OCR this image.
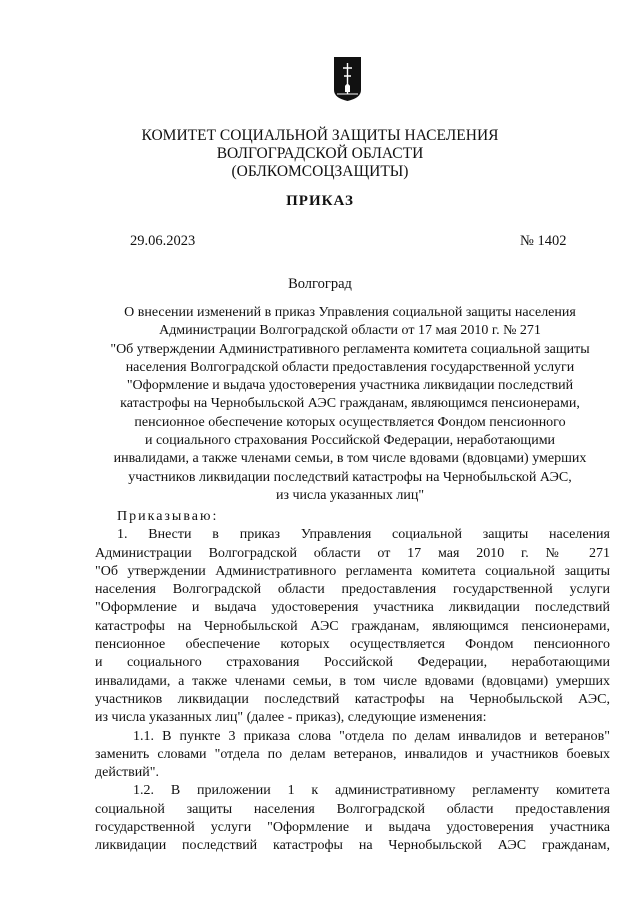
КОМИТЕТ СОЦИАЛЬНОЙ ЗАЩИТЫ НАСЕЛЕНИЯ
ВОЛГОГРАДСКОЙ ОБЛАСТИ
(ОБЛКОМСОЦЗАЩИТЫ)
ПРИКАЗ
29.06.2023	№ 1402
Волгоград
О внесении изменений в приказ Управления социальной защиты населения
Администрации Волгоградской области от 17 мая 2010 г. № 271
"Об утверждении Административного регламента комитета социальной защиты
населения Волгоградской области предоставления государственной услуги
"Оформление и выдача удостоверения участника ликвидации последствий
катастрофы на Чернобыльской АЭС гражданам, являющимся пенсионерами,
пенсионное обеспечение которых осуществляется Фондом пенсионного
и социального страхования Российской Федерации, неработающими
инвалидами, а также членами семьи, в том числе вдовами (вдовцами) умерших
участников ликвидации последствий катастрофы на Чернобыльской АЭС,
из числа указанных лиц"
Приказываю:
1. Внести в приказ Управления социальной защиты населения
Администрации Волгоградской области от 17 мая 2010 г. № 271
"Об утверждении Административного регламента комитета социальной защиты
населения Волгоградской области предоставления государственной услуги
"Оформление и выдача удостоверения участника ликвидации последствий
катастрофы на Чернобыльской АЭС гражданам, являющимся пенсионерами,
пенсионное обеспечение которых осуществляется Фондом пенсионного
и социального страхования Российской Федерации, неработающими
инвалидами, а также членами семьи, в том числе вдовами (вдовцами) умерших
участников ликвидации последствий катастрофы на Чернобыльской АЭС,
из числа указанных лиц" (далее - приказ), следующие изменения:
1.1. В пункте 3 приказа слова "отдела по делам инвалидов и ветеранов"
заменить словами "отдела по делам ветеранов, инвалидов и участников боевых
действий".
1.2. В приложении 1 к административному регламенту комитета
социальной защиты населения Волгоградской области предоставления
государственной услуги "Оформление и выдача удостоверения участника
ликвидации последствий катастрофы на Чернобыльской АЭС гражданам,
